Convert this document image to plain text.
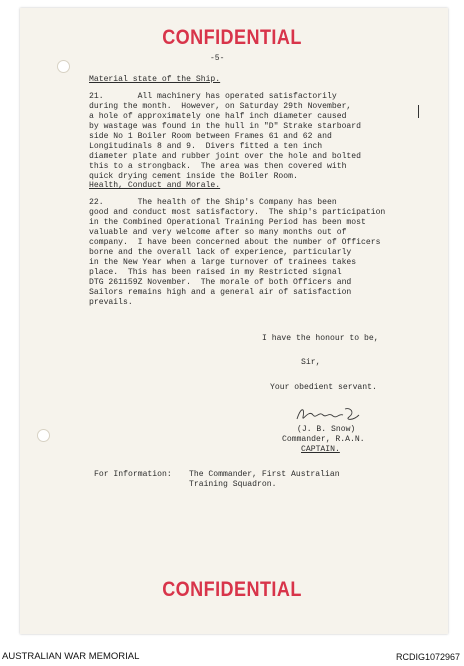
CONFIDENTIAL
-5-
Material state of the Ship.
21.       All machinery has operated satisfactorily
during the month.  However, on Saturday 29th November,
a hole of approximately one half inch diameter caused
by wastage was found in the hull in "D" Strake starboard
side No 1 Boiler Room between Frames 61 and 62 and
Longitudinals 8 and 9.  Divers fitted a ten inch
diameter plate and rubber joint over the hole and bolted
this to a strongback.  The area was then covered with
quick drying cement inside the Boiler Room.
Health, Conduct and Morale.
22.       The health of the Ship's Company has been
good and conduct most satisfactory.  The ship's participation
in the Combined Operational Training Period has been most
valuable and very welcome after so many months out of
company.  I have been concerned about the number of Officers
borne and the overall lack of experience, particularly
in the New Year when a large turnover of trainees takes
place.  This has been raised in my Restricted signal
DTG 261159Z November.  The morale of both Officers and
Sailors remains high and a general air of satisfaction
prevails.
I have the honour to be,
Sir,
Your obedient servant.
(J. B. Snow)
Commander, R.A.N.
CAPTAIN.
For Information: The Commander, First Australian
Training Squadron.
CONFIDENTIAL
AUSTRALIAN WAR MEMORIAL	RCDIG1072967
